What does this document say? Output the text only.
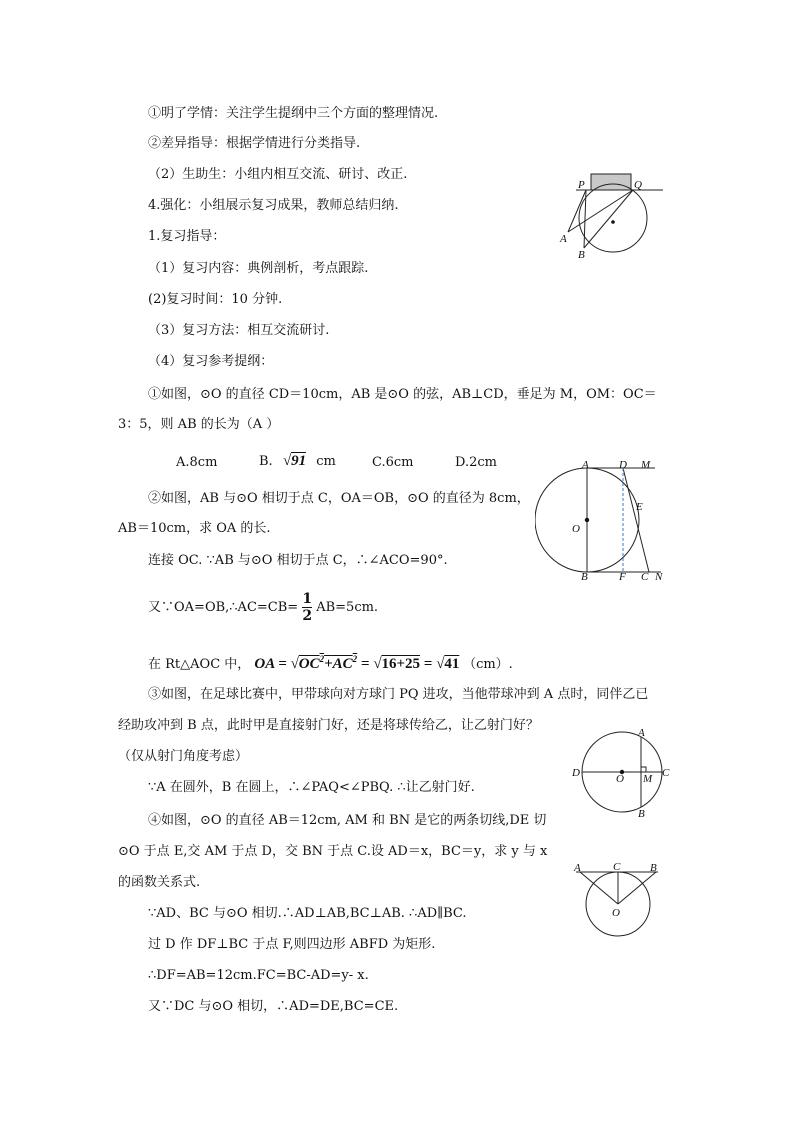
①明了学情：关注学生提纲中三个方面的整理情况.
②差异指导：根据学情进行分类指导.
（2）生助生：小组内相互交流、研讨、改正.
4.强化：小组展示复习成果，教师总结归纳.
1.复习指导：
（1）复习内容：典例剖析，考点跟踪.
(2)复习时间：10 分钟.
（3）复习方法：相互交流研讨.
（4）复习参考提纲：
①如图，⊙O 的直径 CD＝10cm，AB 是⊙O 的弦，AB⊥CD，垂足为 M，OM：OC＝
3：5，则 AB 的长为（A ）
A.8cm	B. √91 cm	C.6cm	D.2cm
②如图，AB 与⊙O 相切于点 C，OA＝OB，⊙O 的直径为 8cm，
AB＝10cm，求 OA 的长.
连接 OC. ∵AB 与⊙O 相切于点 C，∴∠ACO=90°.
又∵OA=OB,∴AC=CB= $\frac{1}{2} AB=5cm$.
在 Rt△AOC 中， OA = $√OC^2+AC^2 = √16+25 = √41$ （cm）.
③如图，在足球比赛中，甲带球向对方球门 PQ 进攻，当他带球冲到 A 点时，同伴乙已
经助攻冲到 B 点，此时甲是直接射门好，还是将球传给乙，让乙射门好？
（仅从射门角度考虑）
∵A 在圆外，B 在圆上，∴∠PAQ<∠PBQ. ∴让乙射门好.
④如图，⊙O 的直径 AB＝12cm, AM 和 BN 是它的两条切线,DE 切
⊙O 于点 E,交 AM 于点 D，交 BN 于点 C.设 AD＝x，BC＝y，求 y 与 x
的函数关系式.
∵AD、BC 与⊙O 相切.∴AD⊥AB,BC⊥AB. ∴AD∥BC.
过 D 作 DF⊥BC 于点 F,则四边形 ABFD 为矩形.
∴DF=AB=12cm.FC=BC-AD=y- x.
又∵DC 与⊙O 相切，∴AD=DE,BC=CE.
P	Q
A
B
A	D M
E
O
B	F C N
A
D	O M C
B
A	C	B
O
